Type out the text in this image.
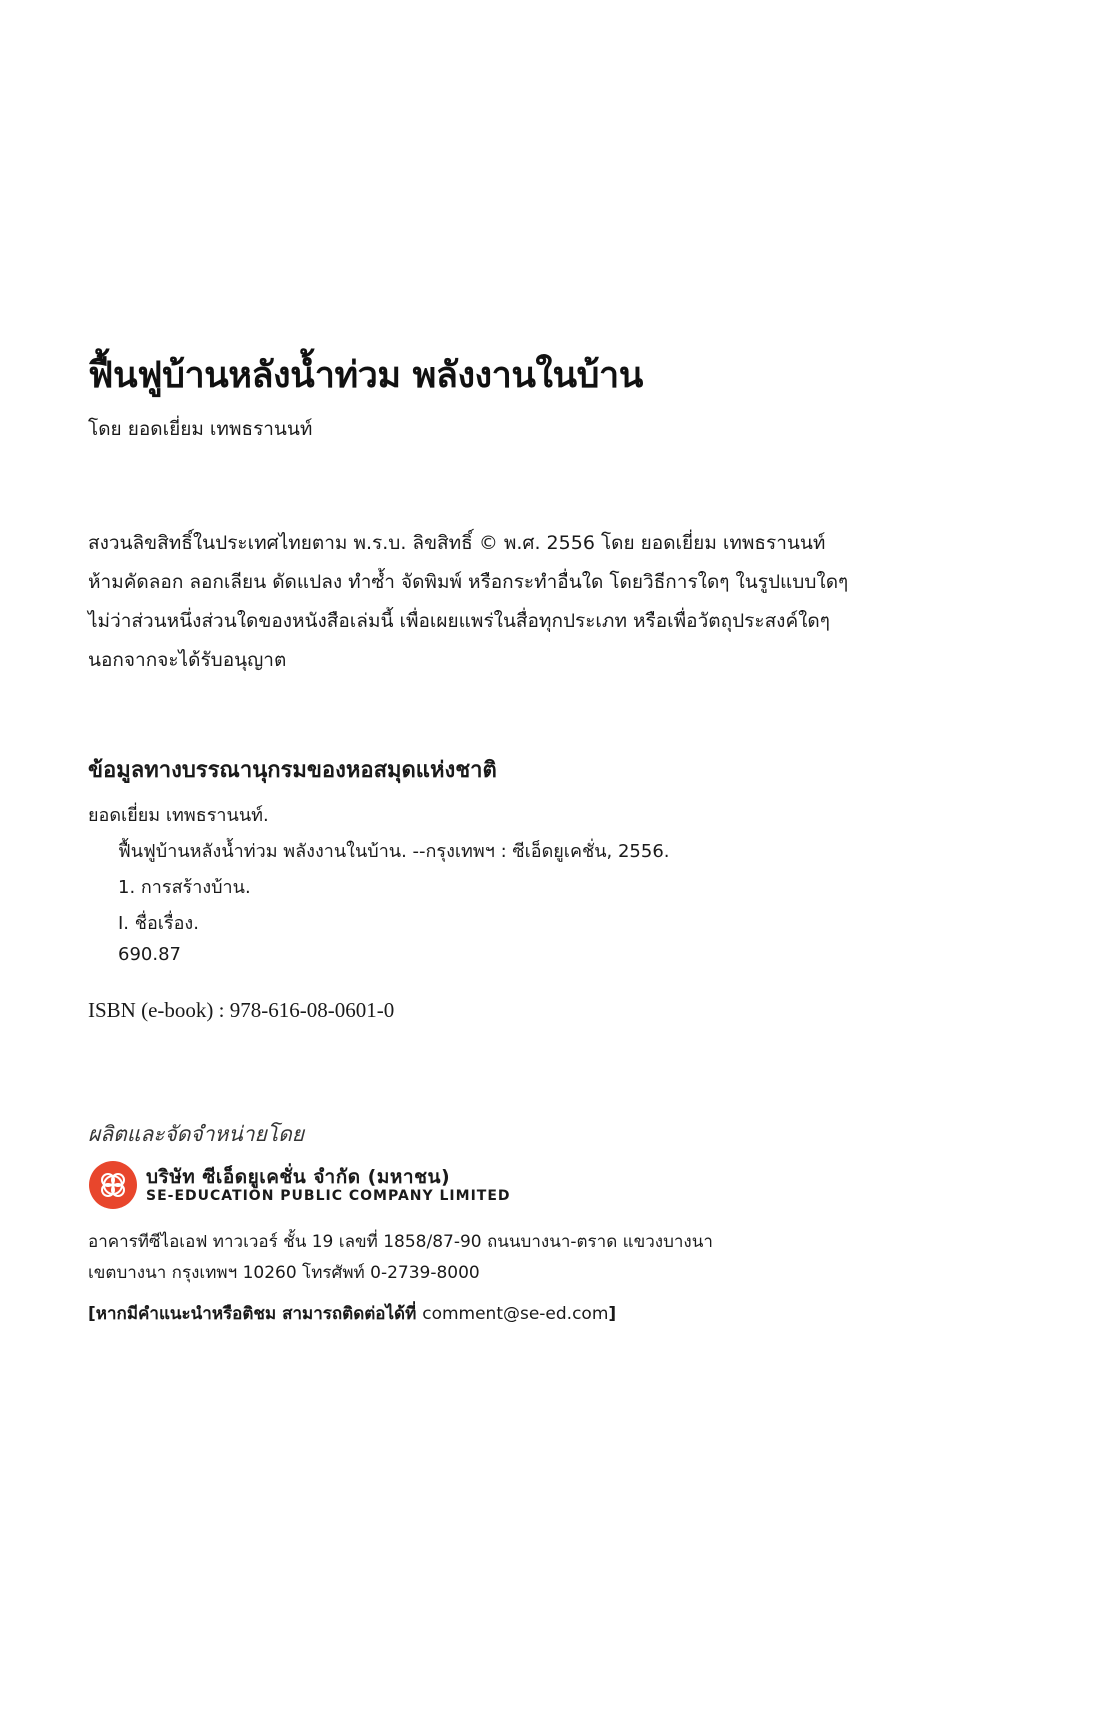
ฟื้นฟูบ้านหลังน้ำท่วม พลังงานในบ้าน
โดย ยอดเยี่ยม เทพธรานนท์

สงวนลิขสิทธิ์ในประเทศไทยตาม พ.ร.บ. ลิขสิทธิ์ © พ.ศ. 2556 โดย ยอดเยี่ยม เทพธรานนท์

ห้ามคัดลอก ลอกเลียน ดัดแปลง ทำซ้ำ จัดพิมพ์ หรือกระทำอื่นใด โดยวิธีการใดๆ ในรูปแบบใดๆ

ไม่ว่าส่วนหนึ่งส่วนใดของหนังสือเล่มนี้ เพื่อเผยแพร่ในสื่อทุกประเภท หรือเพื่อวัตถุประสงค์ใดๆ

นอกจากจะได้รับอนุญาต

ข้อมูลทางบรรณานุกรมของหอสมุดแห่งชาติ
ยอดเยี่ยม เทพธรานนท์.
ฟื้นฟูบ้านหลังน้ำท่วม พลังงานในบ้าน. --กรุงเทพฯ : ซีเอ็ดยูเคชั่น, 2556.
1. การสร้างบ้าน.
I. ชื่อเรื่อง.
690.87
ISBN (e-book) : 978-616-08-0601-0
ผลิตและจัดจำหน่ายโดย
บริษัท ซีเอ็ดยูเคชั่น จำกัด (มหาชน)
SE-EDUCATION PUBLIC COMPANY LIMITED
อาคารทีซีไอเอฟ ทาวเวอร์ ชั้น 19 เลขที่ 1858/87-90 ถนนบางนา-ตราด แขวงบางนา
เขตบางนา กรุงเทพฯ 10260 โทรศัพท์ 0-2739-8000
[หากมีคำแนะนำหรือติชม สามารถติดต่อได้ที่ comment@se-ed.com]
